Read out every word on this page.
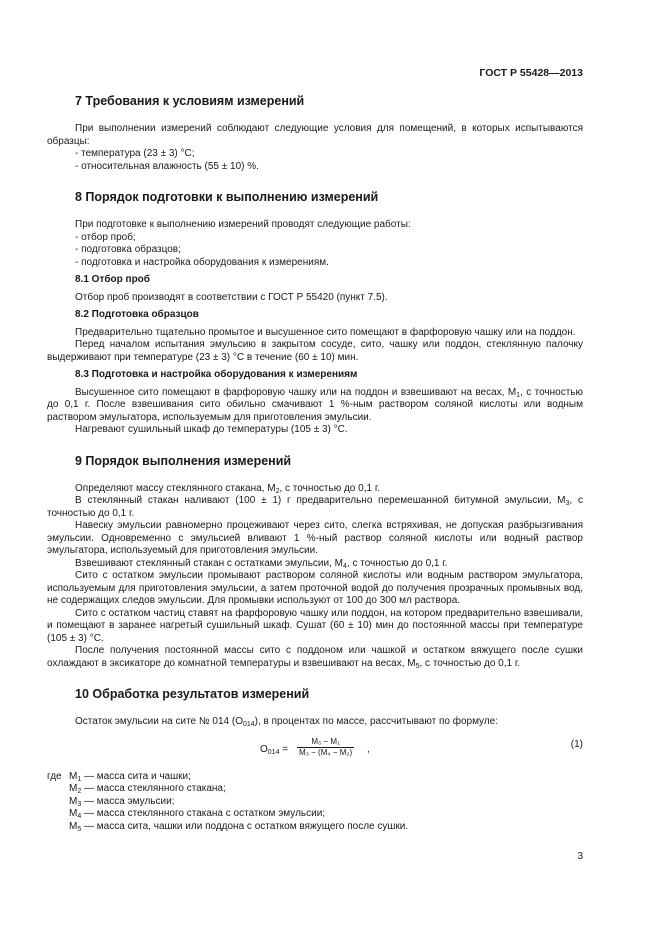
ГОСТ Р 55428—2013
7 Требования к условиям измерений

При выполнении измерений соблюдают следующие условия для помещений, в которых испытываются образцы:

- температура (23 ± 3) °С;
- относительная влажность (55 ± 10) %.
8 Порядок подготовки к выполнению измерений

При подготовке к выполнению измерений проводят следующие работы:

- отбор проб;
- подготовка образцов;
- подготовка и настройка оборудования к измерениям.
8.1 Отбор проб

Отбор проб производят в соответствии с ГОСТ Р 55420 (пункт 7.5).

8.2 Подготовка образцов

Предварительно тщательно промытое и высушенное сито помещают в фарфоровую чашку или на поддон.

Перед началом испытания эмульсию в закрытом сосуде, сито, чашку или поддон, стеклянную палочку выдерживают при температуре (23 ± 3) °С в течение (60 ± 10) мин.

8.3 Подготовка и настройка оборудования к измерениям

Высушенное сито помещают в фарфоровую чашку или на поддон и взвешивают на весах, $М_1$, с точностью до 0,1 г. После взвешивания сито обильно смачивают 1 %-ным раствором соляной кислоты или водным раствором эмульгатора, используемым для приготовления эмульсии.

Нагревают сушильный шкаф до температуры (105 ± 3) °С.

9 Порядок выполнения измерений

Определяют массу стеклянного стакана, $М_2$, с точностью до 0,1 г.

В стеклянный стакан наливают (100 ± 1) г предварительно перемешанной битумной эмульсии, $М_3$, с точностью до 0,1 г.

Навеску эмульсии равномерно процеживают через сито, слегка встряхивая, не допуская разбрызгивания эмульсии. Одновременно с эмульсией вливают 1 %-ный раствор соляной кислоты или водный раствор эмульгатора, используемый для приготовления эмульсии.

Взвешивают стеклянный стакан с остатками эмульсии, $М_4$, с точностью до 0,1 г.

Сито с остатком эмульсии промывают раствором соляной кислоты или водным раствором эмульгатора, используемым для приготовления эмульсии, а затем проточной водой до получения прозрачных промывных вод, не содержащих следов эмульсии. Для промывки используют от 100 до 300 мл раствора.

Сито с остатком частиц ставят на фарфоровую чашку или поддон, на котором предварительно взвешивали, и помещают в заранее нагретый сушильный шкаф. Сушат (60 ± 10) мин до постоянной массы при температуре (105 ± 3) °С.

После получения постоянной массы сито с поддоном или чашкой и остатком вяжущего после сушки охлаждают в эксикаторе до комнатной температуры и взвешивают на весах, $М_5$, с точностью до 0,1 г.

10 Обработка результатов измерений

Остаток эмульсии на сите № 014 $(О_{014})$, в процентах по массе, рассчитывают по формуле:

$О_{014}$ =
М₅ − М₁
М₃ − (М₄ − М₂) ,	(1)
где $М_1$ — масса сита и чашки;
$М_2$ — масса стеклянного стакана;
$М_3$ — масса эмульсии;
$М_4$ — масса стеклянного стакана с остатком эмульсии;
$М_5$ — масса сита, чашки или поддона с остатком вяжущего после сушки.
3
